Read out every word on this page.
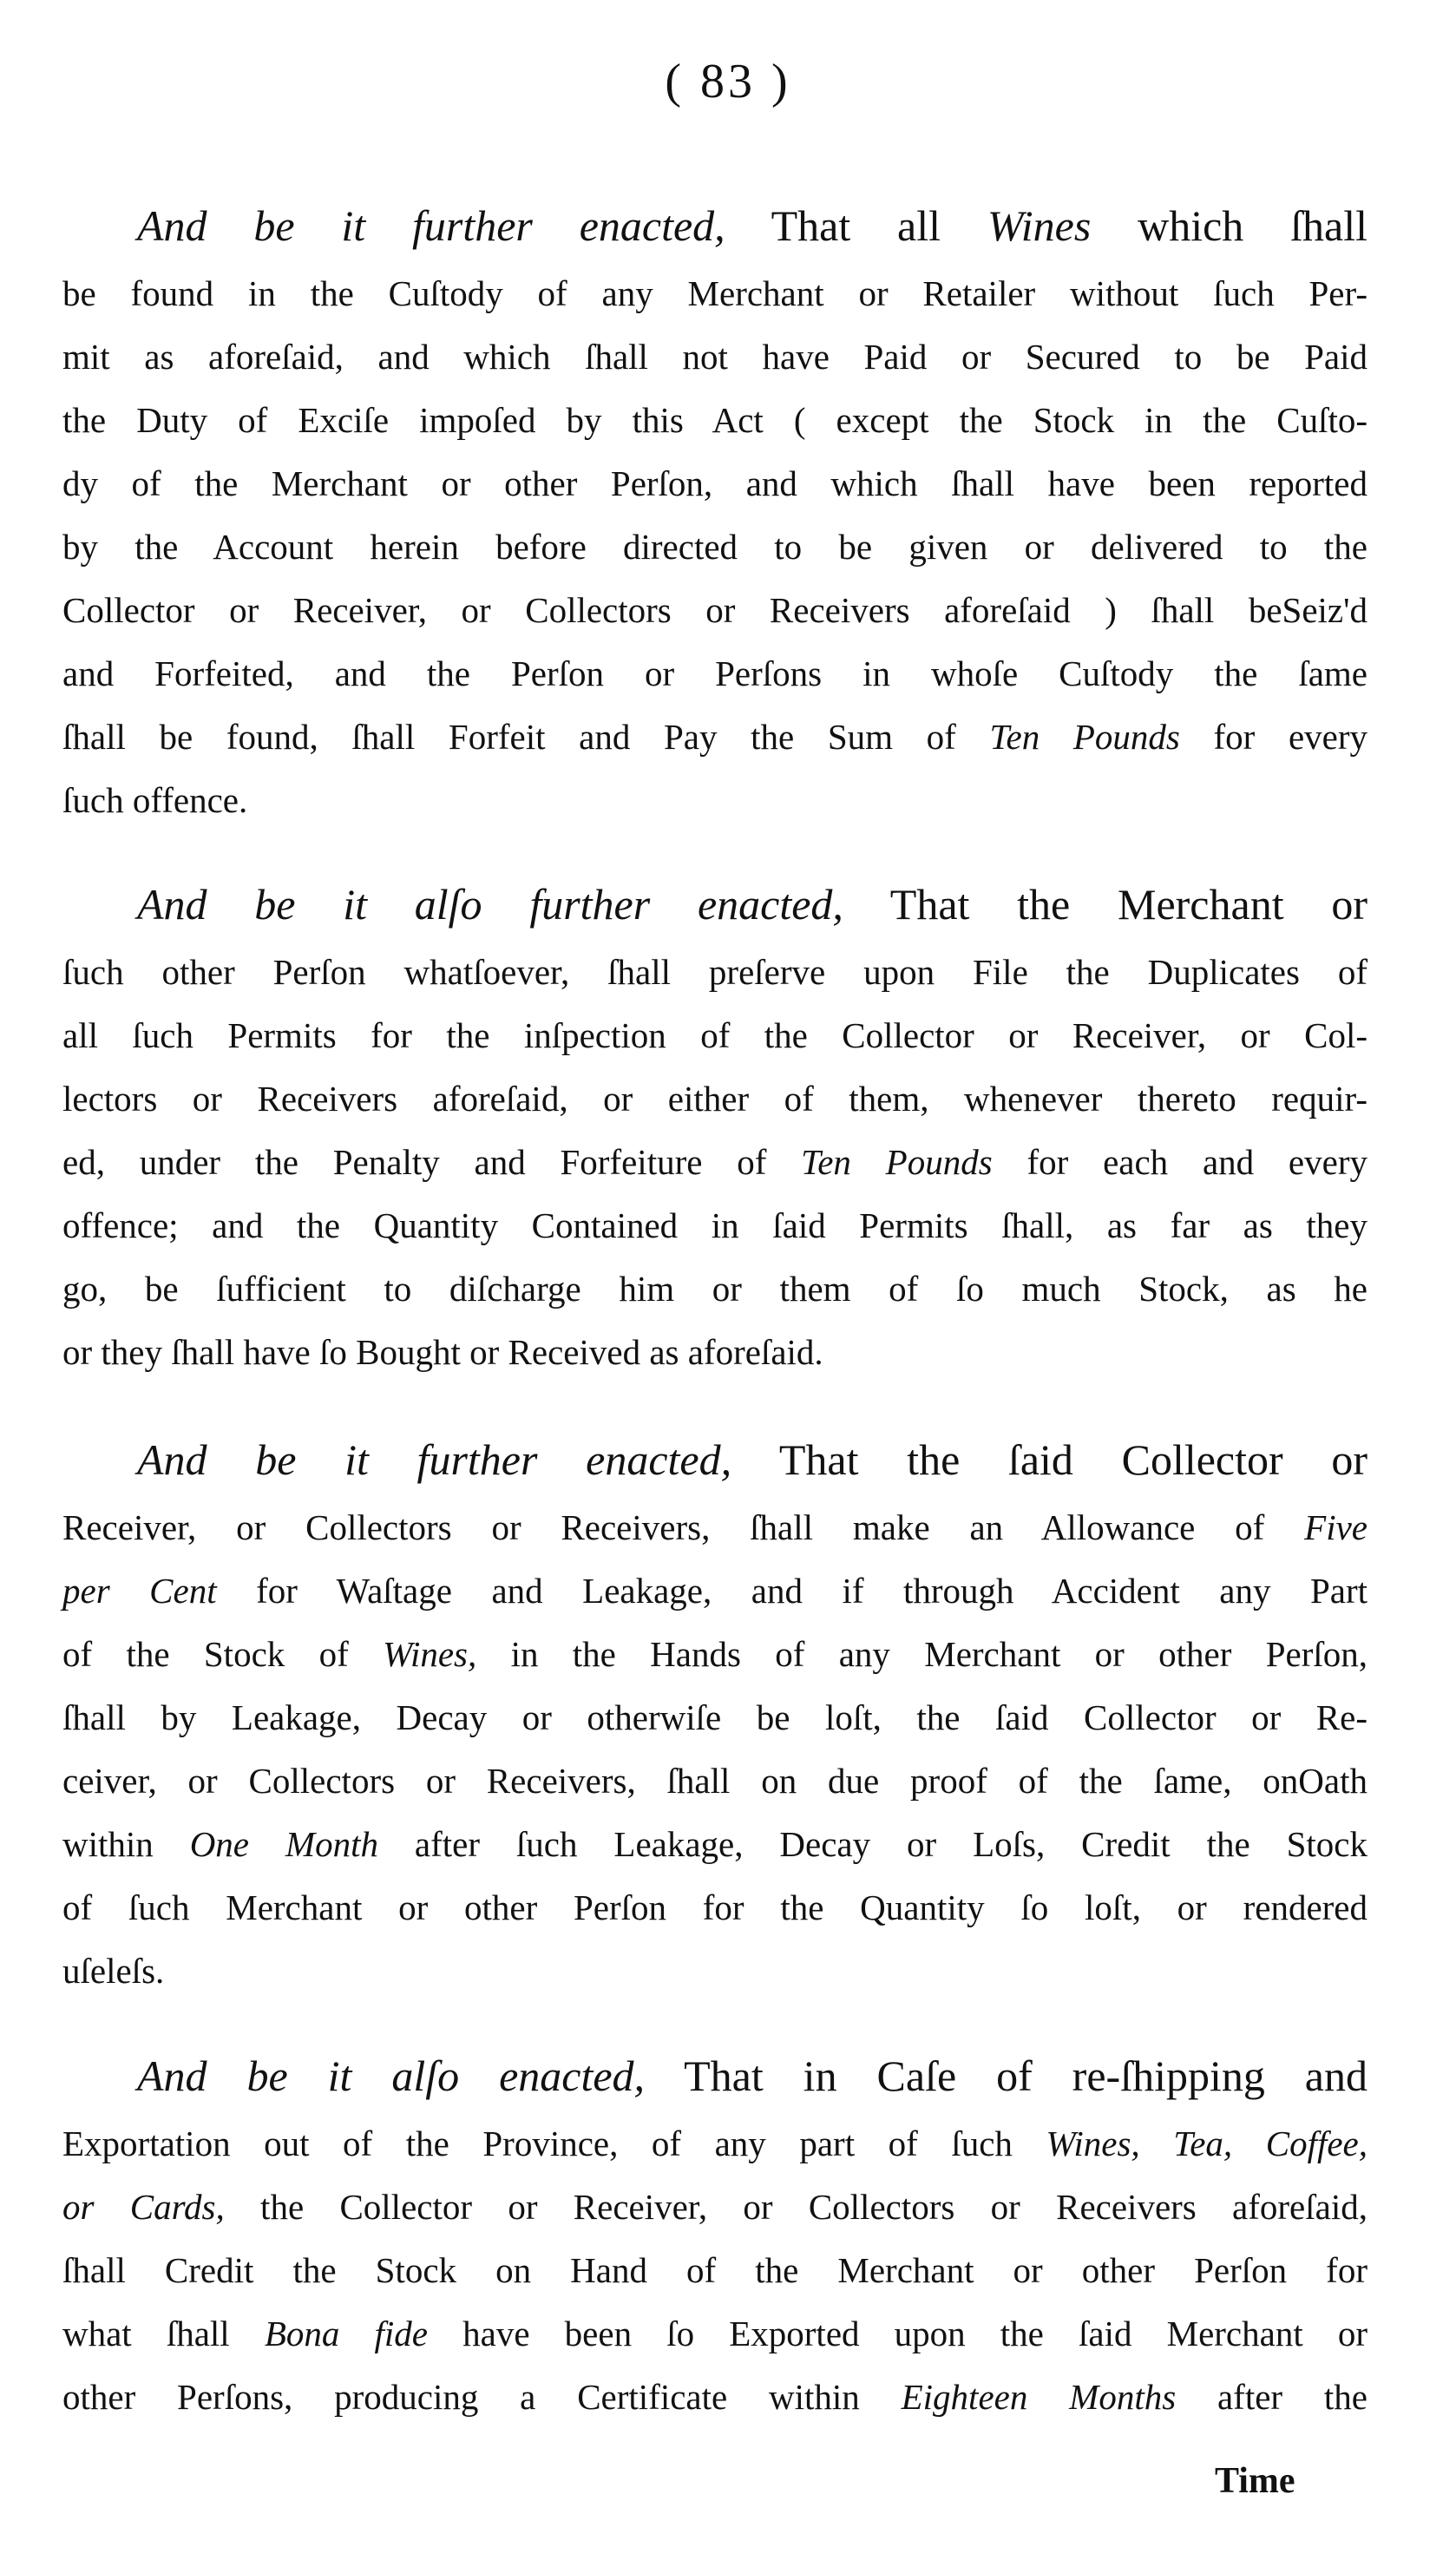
( 83 )
And be it further enacted, That all Wines which ſhall
be found in the Cuſtody of any Merchant or Retailer without ſuch Per-
mit as aforeſaid, and which ſhall not have Paid or Secured to be Paid
the Duty of Exciſe impoſed by this Act ( except the Stock in the Cuſto-
dy of the Merchant or other Perſon, and which ſhall have been reported
by the Account herein before directed to be given or delivered to the
Collector or Receiver, or Collectors or Receivers aforeſaid ) ſhall beSeiz'd
and Forfeited, and the Perſon or Perſons in whoſe Cuſtody the ſame
ſhall be found, ſhall Forfeit and Pay the Sum of Ten Pounds for every
ſuch offence.
And be it alſo further enacted, That the Merchant or
ſuch other Perſon whatſoever, ſhall preſerve upon File the Duplicates of
all ſuch Permits for the inſpection of the Collector or Receiver, or Col-
lectors or Receivers aforeſaid, or either of them, whenever thereto requir-
ed, under the Penalty and Forfeiture of Ten Pounds for each and every
offence; and the Quantity Contained in ſaid Permits ſhall, as far as they
go, be ſufficient to diſcharge him or them of ſo much Stock, as he
or they ſhall have ſo Bought or Received as aforeſaid.
And be it further enacted, That the ſaid Collector or
Receiver, or Collectors or Receivers, ſhall make an Allowance of Five
per Cent for Waſtage and Leakage, and if through Accident any Part
of the Stock of Wines, in the Hands of any Merchant or other Perſon,
ſhall by Leakage, Decay or otherwiſe be loſt, the ſaid Collector or Re-
ceiver, or Collectors or Receivers, ſhall on due proof of the ſame, onOath
within One Month after ſuch Leakage, Decay or Loſs, Credit the Stock
of ſuch Merchant or other Perſon for the Quantity ſo loſt, or rendered
uſeleſs.
And be it alſo enacted, That in Caſe of re-ſhipping and
Exportation out of the Province, of any part of ſuch Wines, Tea, Coffee,
or Cards, the Collector or Receiver, or Collectors or Receivers aforeſaid,
ſhall Credit the Stock on Hand of the Merchant or other Perſon for
what ſhall Bona fide have been ſo Exported upon the ſaid Merchant or
other Perſons, producing a Certificate within Eighteen Months after the
Time
